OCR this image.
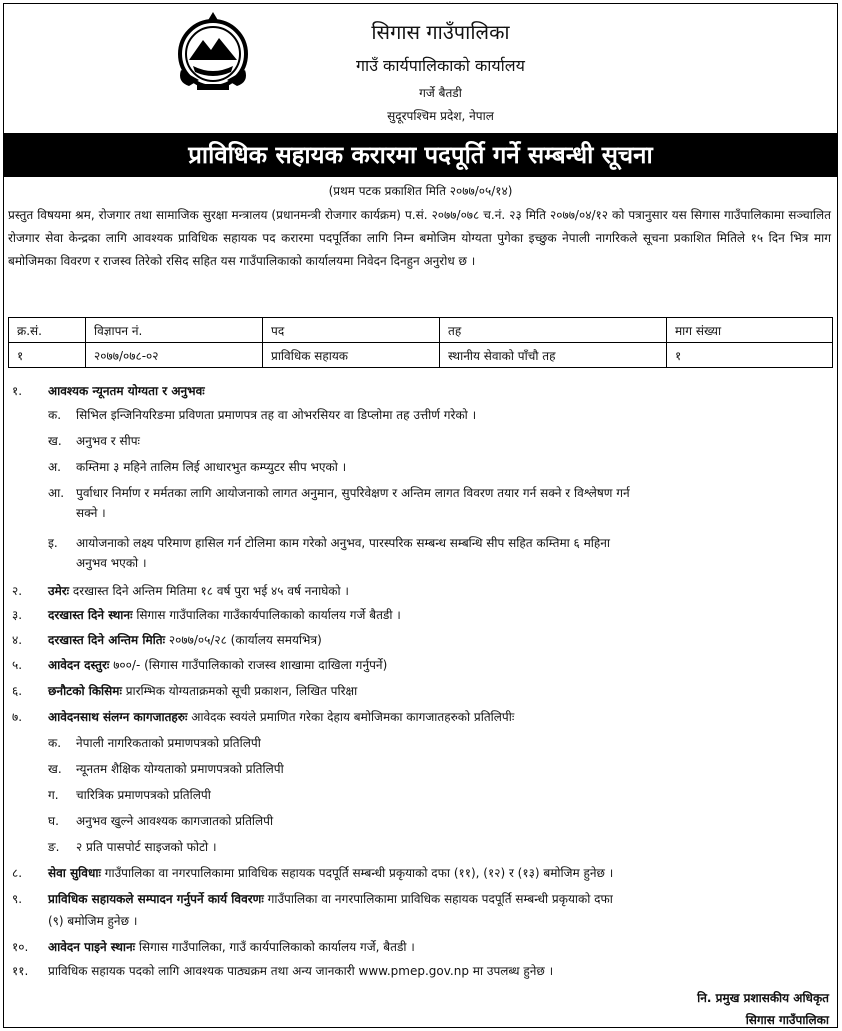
सिगास गाउँपालिका
गाउँ कार्यपालिकाको कार्यालय
गर्जे बैतडी
सुदूरपश्चिम प्रदेश, नेपाल
प्राविधिक सहायक करारमा पदपूर्ति गर्ने सम्बन्धी सूचना
(प्रथम पटक प्रकाशित मिति २०७७/०५/१४)
प्रस्तुत विषयमा श्रम, रोजगार तथा सामाजिक सुरक्षा मन्त्रालय (प्रधानमन्त्री रोजगार कार्यक्रम) प.सं. २०७७/०७८ च.नं. २३ मिति २०७७/०४/१२ को पत्रानुसार यस सिगास गाउँपालिकामा सञ्चालित रोजगार सेवा केन्द्रका लागि आवश्यक प्राविधिक सहायक पद करारमा पदपूर्तिका लागि निम्न बमोजिम योग्यता पुगेका इच्छुक नेपाली नागरिकले सूचना प्रकाशित मितिले १५ दिन भित्र माग बमोजिमका विवरण र राजस्व तिरेको रसिद सहित यस गाउँपालिकाको कार्यालयमा निवेदन दिनहुन अनुरोध छ ।
क्र.सं.	विज्ञापन नं.	पद	तह	माग संख्या
१	२०७७/०७८-०२	प्राविधिक सहायक	स्थानीय सेवाको पाँचौ तह	१
१. आवश्यक न्यूनतम योग्यता र अनुभवः
क. सिभिल इन्जिनियरिङमा प्रविणता प्रमाणपत्र तह वा ओभरसियर वा डिप्लोमा तह उत्तीर्ण गरेको ।
ख. अनुभव र सीपः
अ. कम्तिमा ३ महिने तालिम लिई आधारभुत कम्प्युटर सीप भएको ।
आ. पुर्वाधार निर्माण र मर्मतका लागि आयोजनाको लागत अनुमान, सुपरिवेक्षण र अन्तिम लागत विवरण तयार गर्न सक्ने र विश्लेषण गर्न
सक्ने ।
इ. आयोजनाको लक्ष्य परिमाण हासिल गर्न टोलिमा काम गरेको अनुभव, पारस्परिक सम्बन्ध सम्बन्धि सीप सहित कम्तिमा ६ महिना
अनुभव भएको ।
२. उमेरः दरखास्त दिने अन्तिम मितिमा १८ वर्ष पुरा भई ४५ वर्ष ननाघेको ।
३. दरखास्त दिने स्थानः सिगास गाउँपालिका गाउँकार्यपालिकाको कार्यालय गर्जे बैतडी ।
४. दरखास्त दिने अन्तिम मितिः २०७७/०५/२८ (कार्यालय समयभित्र)
५. आवेदन दस्तुरः ७००/- (सिगास गाउँपालिकाको राजस्व शाखामा दाखिला गर्नुपर्ने)
६. छनौटको किसिमः प्रारम्भिक योग्यताक्रमको सूची प्रकाशन, लिखित परिक्षा
७. आवेदनसाथ संलग्न कागजातहरुः आवेदक स्वयंले प्रमाणित गरेका देहाय बमोजिमका कागजातहरुको प्रतिलिपीः
क. नेपाली नागरिकताको प्रमाणपत्रको प्रतिलिपी
ख. न्यूनतम शैक्षिक योग्यताको प्रमाणपत्रको प्रतिलिपी
ग. चारित्रिक प्रमाणपत्रको प्रतिलिपी
घ. अनुभव खुल्ने आवश्यक कागजातको प्रतिलिपी
ङ. २ प्रति पासपोर्ट साइजको फोटो ।
८. सेवा सुविधाः गाउँपालिका वा नगरपालिकामा प्राविधिक सहायक पदपूर्ति सम्बन्धी प्रकृयाको दफा (११), (१२) र (१३) बमोजिम हुनेछ ।
९. प्राविधिक सहायकले सम्पादन गर्नुपर्ने कार्य विवरणः गाउँपालिका वा नगरपालिकामा प्राविधिक सहायक पदपूर्ति सम्बन्धी प्रकृयाको दफा
(९) बमोजिम हुनेछ ।
१०. आवेदन पाइने स्थानः सिगास गाउँपालिका, गाउँ कार्यपालिकाको कार्यालय गर्जे, बैतडी ।
११. प्राविधिक सहायक पदको लागि आवश्यक पाठ्यक्रम तथा अन्य जानकारी www.pmep.gov.np मा उपलब्ध हुनेछ ।
नि. प्रमुख प्रशासकीय अधिकृत
सिगास गाउँपालिका
